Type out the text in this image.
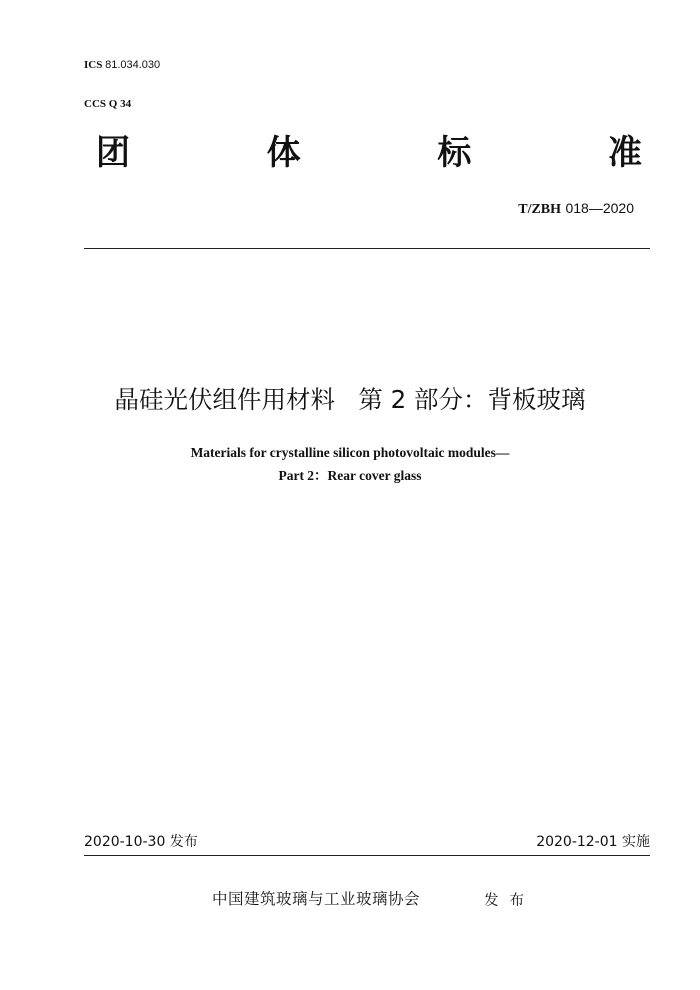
ICS 81.034.030

CCS Q 34

团	体	标	准
T/ZBH 018—2020
晶硅光伏组件用材料   第 2 部分：背板玻璃
Materials for crystalline silicon photovoltaic modules—
Part 2：Rear cover glass
2020-10-30 发布	2020-12-01 实施
中国建筑玻璃与工业玻璃协会	发布
